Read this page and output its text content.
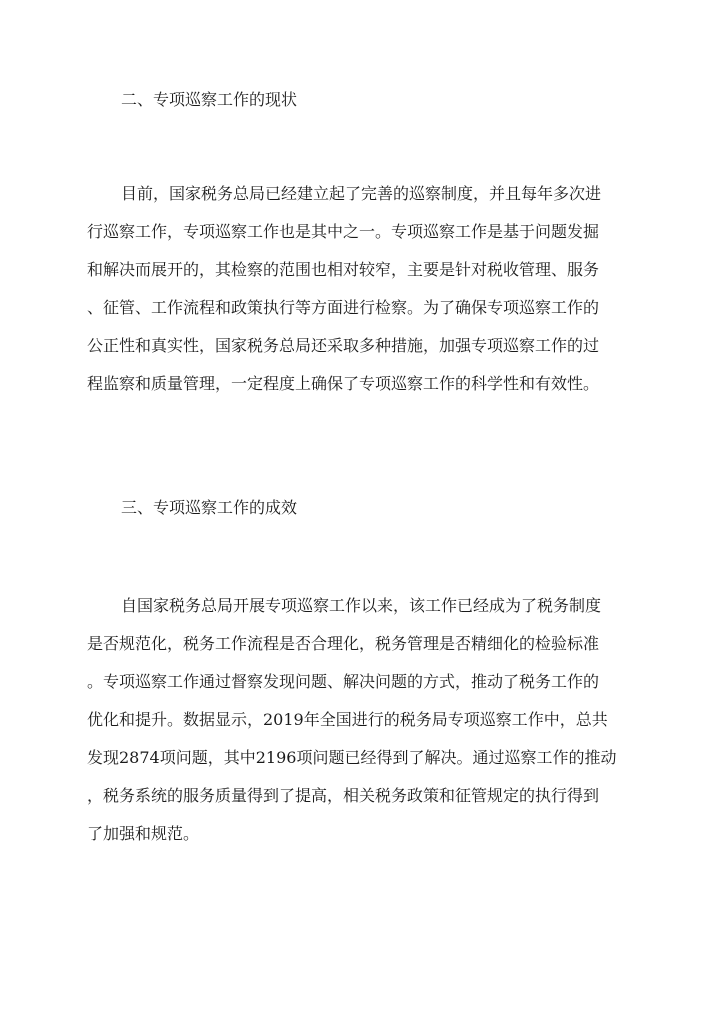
二、专项巡察工作的现状

目前，国家税务总局已经建立起了完善的巡察制度，并且每年多次进
行巡察工作，专项巡察工作也是其中之一。专项巡察工作是基于问题发掘
和解决而展开的，其检察的范围也相对较窄，主要是针对税收管理、服务
、征管、工作流程和政策执行等方面进行检察。为了确保专项巡察工作的
公正性和真实性，国家税务总局还采取多种措施，加强专项巡察工作的过
程监察和质量管理，一定程度上确保了专项巡察工作的科学性和有效性。

三、专项巡察工作的成效

自国家税务总局开展专项巡察工作以来，该工作已经成为了税务制度
是否规范化，税务工作流程是否合理化，税务管理是否精细化的检验标准
。专项巡察工作通过督察发现问题、解决问题的方式，推动了税务工作的
优化和提升。数据显示，2019年全国进行的税务局专项巡察工作中，总共
发现2874项问题，其中2196项问题已经得到了解决。通过巡察工作的推动
，税务系统的服务质量得到了提高，相关税务政策和征管规定的执行得到
了加强和规范。
